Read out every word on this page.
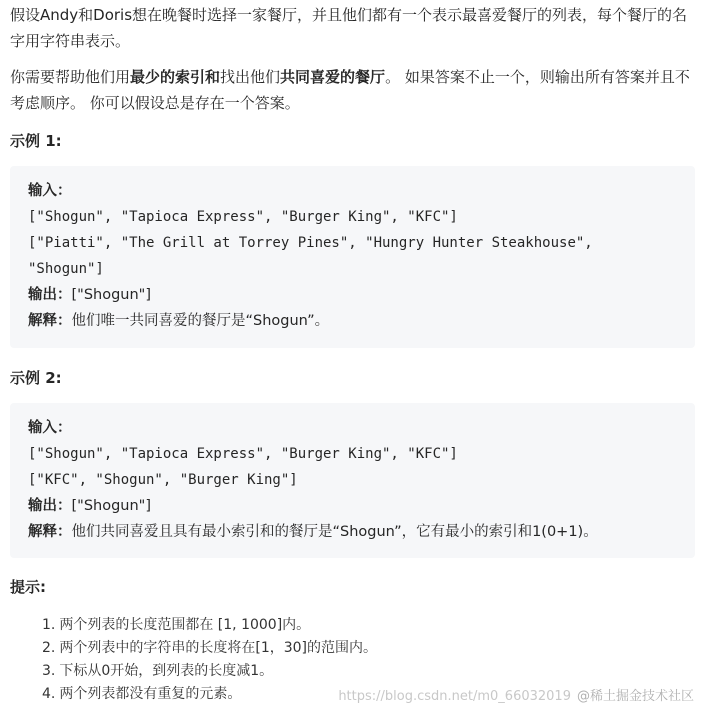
假设Andy和Doris想在晚餐时选择一家餐厅，并且他们都有一个表示最喜爱餐厅的列表，每个餐厅的名字用字符串表示。

你需要帮助他们用最少的索引和找出他们共同喜爱的餐厅。 如果答案不止一个，则输出所有答案并且不考虑顺序。 你可以假设总是存在一个答案。

示例 1:

输入：

["Shogun", "Tapioca Express", "Burger King", "KFC"]

["Piatti", "The Grill at Torrey Pines", "Hungry Hunter Steakhouse",

"Shogun"]

输出：["Shogun"]

解释：他们唯一共同喜爱的餐厅是“Shogun”。

示例 2:

输入：

["Shogun", "Tapioca Express", "Burger King", "KFC"]

["KFC", "Shogun", "Burger King"]

输出：["Shogun"]

解释：他们共同喜爱且具有最小索引和的餐厅是“Shogun”，它有最小的索引和1(0+1)。

提示:

1. 两个列表的长度范围都在 [1, 1000]内。
2. 两个列表中的字符串的长度将在[1，30]的范围内。
3. 下标从0开始，到列表的长度减1。
4. 两个列表都没有重复的元素。	https://blog.csdn.net/m0_66032019 @稀土掘金技术社区
